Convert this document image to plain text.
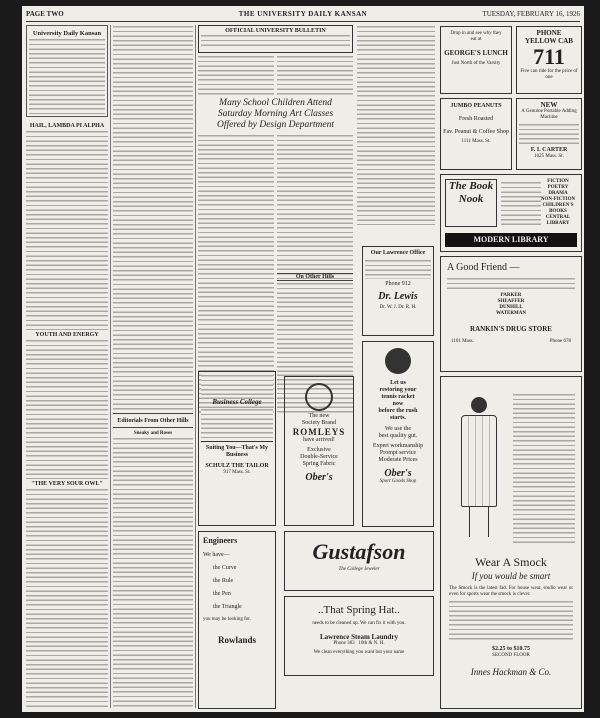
PAGE TWO	THE UNIVERSITY DAILY KANSAN	TUESDAY, FEBRUARY 16, 1926
University Daily Kansan
HAIL, LAMBDA PI ALPHA
YOUTH AND ENERGY
"THE VERY SOUR OWL"
Editorials From Other Hills
Sneaky and Roses
OFFICIAL UNIVERSITY BULLETIN
Many School Children Attend
Saturday Morning Art Classes
Offered by Design Department
On Other Hills
Business College
Suiting You—That's My
Business
SCHULZ THE TAILOR
917 Mass. St.
Engineers
We have—
the Curve
the Rule
the Pen
the Triangle
you may be looking for.
Rowlands
The new
Society Brand
ROMLEYS
have arrived!
Exclusive
Double-Service
Spring Fabric
Ober's
Gustafson
The College Jeweler
..That Spring Hat..
needs to be cleaned up. We can fix it with you.
Lawrence Steam Laundry
Phone 383 10th & N. H.
We clean everything you want but your name
Our Lawrence Office
Phone 912
Dr. Lewis
Dr. W. J. Dr. R. H.
Let us
restoring your
tennis racket
now
before the rush
starts.
We use the
best quality gut.
Expert workmanship
Prompt service
Moderate Prices
Ober's
Sport Goods Shop
Drop in and see why they
eat at
GEORGE'S LUNCH
Just North of the Varsity
PHONE
YELLOW CAB
711
Five can ride for the price of one
JUMBO PEANUTS
Fresh Roasted
Fav. Peanut & Coffee Shop
1111 Mass. St.
NEW
A Genuine Portable Adding Machine
F. I. CARTER
1025 Mass. St.
The Book Nook
FICTION
POETRY
DRAMA
NON-FICTION
CHILDREN'S BOOKS
CENTRAL LIBRARY
MODERN LIBRARY
A Good Friend —
PARKER
SHEAFFER
DUNHILL
WATERMAN
RANKIN'S DRUG STORE
1101 Mass.	Phone 678
Wear A Smock
If you would be smart
The Smock is the latest fad. For house wear, studio wear or even for sports wear the smock is clever.
$2.25 to $10.75
SECOND FLOOR
Innes Hackman & Co.
